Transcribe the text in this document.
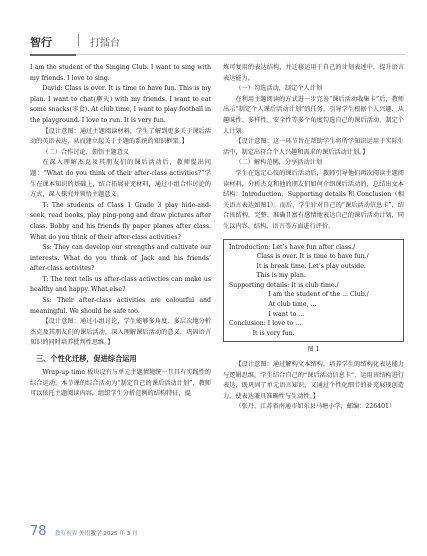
智行	打擂台

I am the student of the Singing Club. I want to sing with my friends. I love to sing.

David: Class is over. It is time to have fun. This is my plan. I want to chat(聊天) with my friends. I want to eat some snacks(零食). At club time, I want to play football in the playground. I love to run. It is very fun.

【设计意图：通过主题阅读材料，学生了解到更多关于课后活动的英语表达，从而建立起关于主题的系统的知识框架。】

（二）合作讨论，领悟主题意义

在深入理解杰克及其朋友们的课后活动后，教师提出问题：“What do you think of their after-class activities?”学生在课本知识的基础上，结合拓展补充材料，通过小组合作讨论的方式，深入探究并领悟主题意义。

T: The students of Class 1 Grade 3 play hide-and-seek, read books, play ping-pong and draw pictures after class. Bobby and his friends fly paper planes after class. What do you think of their after-class activities?

Ss: They can develop our strengths and cultivate our interests. What do you think of Jack and his friends’ after-class activites?

T: The text tells us after-class activcties can make us healthy and happy. What else?

Ss: Their after-class activities are colourful and meaningful. We should be safe too.

【设计意图：通过小组讨论，学生能够多角度、多层次地分析杰克及其朋友们的课后活动，深入理解课后活动的意义，巩固语言知识的同时培养批判性思维。】

三、个性化迁移，促进综合运用

Wrap-up time 板块设有与单元主题情境统一且具有实践性的综合运动。本节课的综合活动为“制定自己的课后活动计划”，教师可以依托主题阅读内容，组织学生分析范例的结构特征，提

炼可复用的表达结构，并迁移运用于自己的计划表述中，提升语言表达能力。

（一）勾选活动，制定个人计划

在利用主题阅读的方式进一步完善“课后活动收集卡”后，教师出示“制定个人课后活动计划”的任务，引导学生根据个人兴趣、从趣味性、多样性、安全性等多个角度勾选自己的课后活动，制定个人计划。

【设计意图：这一环节旨在帮助学生将所学知识运用于实际生活中，制定出符合个人兴趣和需求的课后活动计划。】

（二）解构范例，分享活动计划

学生在选定心仪的课后活动后，教师引导他们再次阅读主题阅读材料，分析杰克和他的朋友们如何介绍课后活动的，总结出文本结构：Introduction、Supporting details 和 Conclusion（相关语言表达如图1）。而后，学生针对自己的“课后活动信息卡”，结合该结构，完整、准确且富有感情地表达自己的课后活动计划，同生以内容、结构、语言等方面进行评价。

Introduction: Let’s have fun after class./
Class is over. It is time to have fun./
It is break time. Let’s play outside.
This is my plan.
Supporting details: It is club time./
I am the student of the ... Club./
At club time, ...
I want to ...
Conclusion: I love to ...
It is very fun.
图 1

【设计意图：通过解构文本结构，培养学生的结构化表达能力与逻辑思维。学生结合自己的“课后活动信息卡”，运用该结构进行表达，既巩固了单元语言知识，又通过个性化细节的补充展现创造力，使表达兼具准确性与生动性。】

（张丹，江苏省南通市如东县马塘小学，邮编：226401）

78 教育视界 外语教学 2025 年 3 月
